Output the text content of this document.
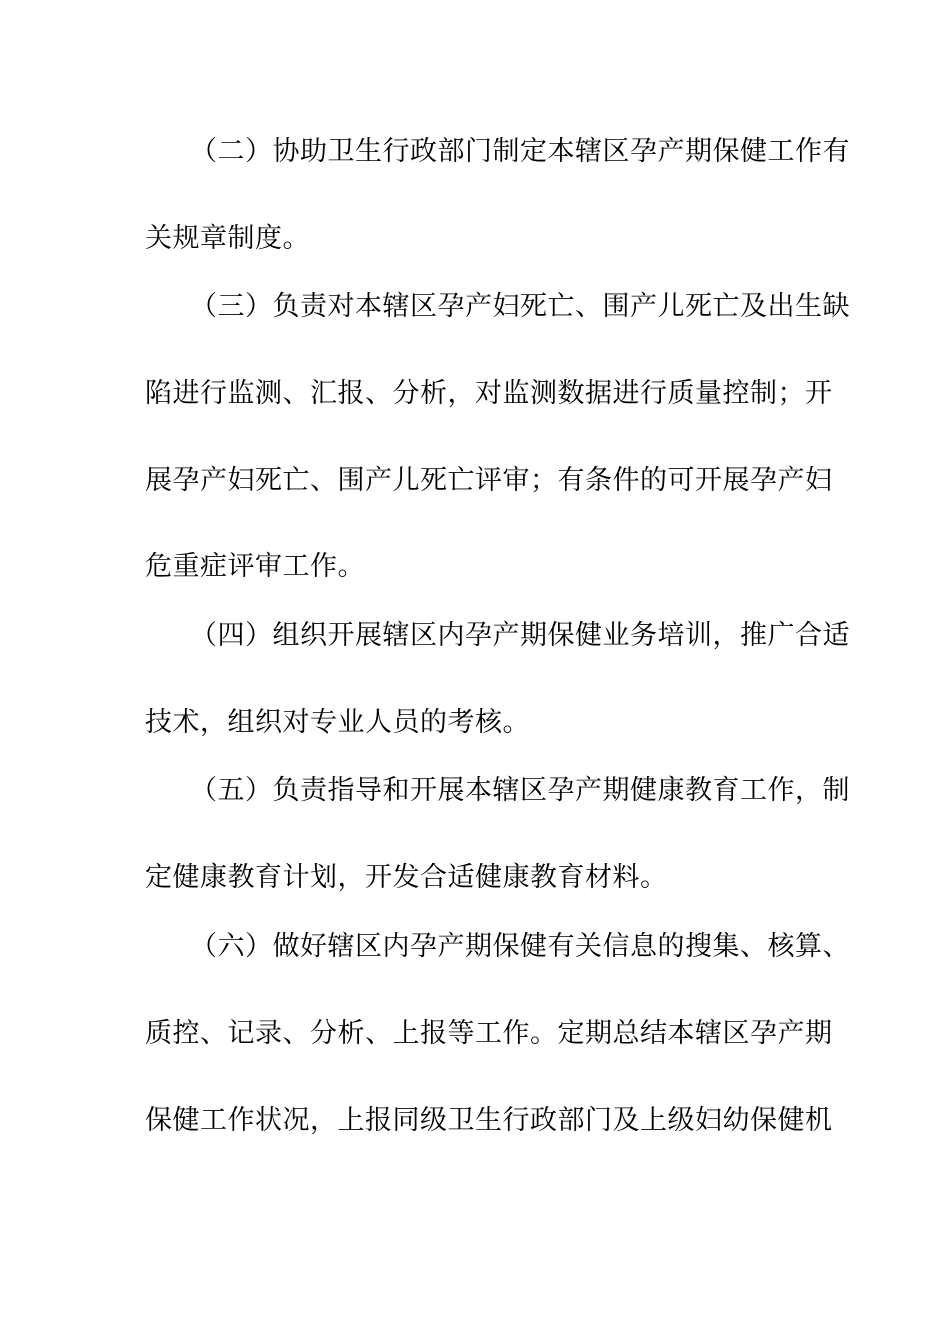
（二）协助卫生行政部门制定本辖区孕产期保健工作有
关规章制度。
（三）负责对本辖区孕产妇死亡、围产儿死亡及出生缺
陷进行监测、汇报、分析，对监测数据进行质量控制；开
展孕产妇死亡、围产儿死亡评审；有条件的可开展孕产妇
危重症评审工作。
（四）组织开展辖区内孕产期保健业务培训，推广合适
技术，组织对专业人员的考核。
（五）负责指导和开展本辖区孕产期健康教育工作，制
定健康教育计划，开发合适健康教育材料。
（六）做好辖区内孕产期保健有关信息的搜集、核算、
质控、记录、分析、上报等工作。定期总结本辖区孕产期
保健工作状况，上报同级卫生行政部门及上级妇幼保健机
